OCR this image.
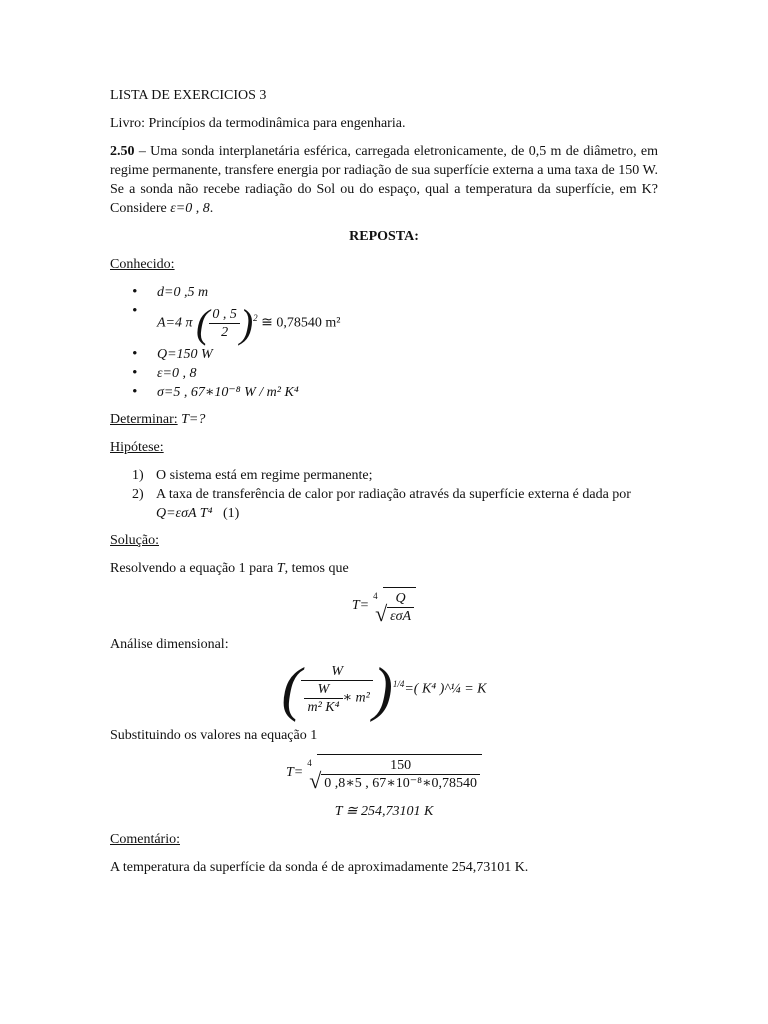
LISTA DE EXERCICIOS 3

Livro: Princípios da termodinâmica para engenharia.

2.50 – Uma sonda interplanetária esférica, carregada eletronicamente, de 0,5 m de diâmetro, em regime permanente, transfere energia por radiação de sua superfície externa a uma taxa de 150 W. Se a sonda não recebe radiação do Sol ou do espaço, qual a temperatura da superfície, em K? Considere ε=0 , 8.

REPOSTA:

Conhecido:

• d=0 ,5 m
• A=4 π ( $\frac{0 , 5}{2} )^2$ ≅ 0,78540 m²
• Q=150 W
• ε=0 , 8
• σ=5 , 67∗10⁻⁸ W / m² K⁴

Determinar: T=?

Hipótese:

1) O sistema está em regime permanente;
2) A taxa de transferência de calor por radiação através da superfície externa é dada por
Q=εσA T⁴ (1)

Solução:

Resolvendo a equação 1 para T, temos que

T=
4
√ $\frac{Q}{\text{εσA}}$

Análise dimensional:

( $\frac{W}{\frac{W}{\text{m² K⁴}} ∗ m^2} )^{1/4}=$( K⁴ )^¼ = K

Substituindo os valores na equação 1

T=
4
√ $\frac{150}{\text{0 ,8∗5 , 67∗10⁻⁸∗0,78540}}$

T ≅ 254,73101 K

Comentário:

A temperatura da superfície da sonda é de aproximadamente 254,73101 K.
